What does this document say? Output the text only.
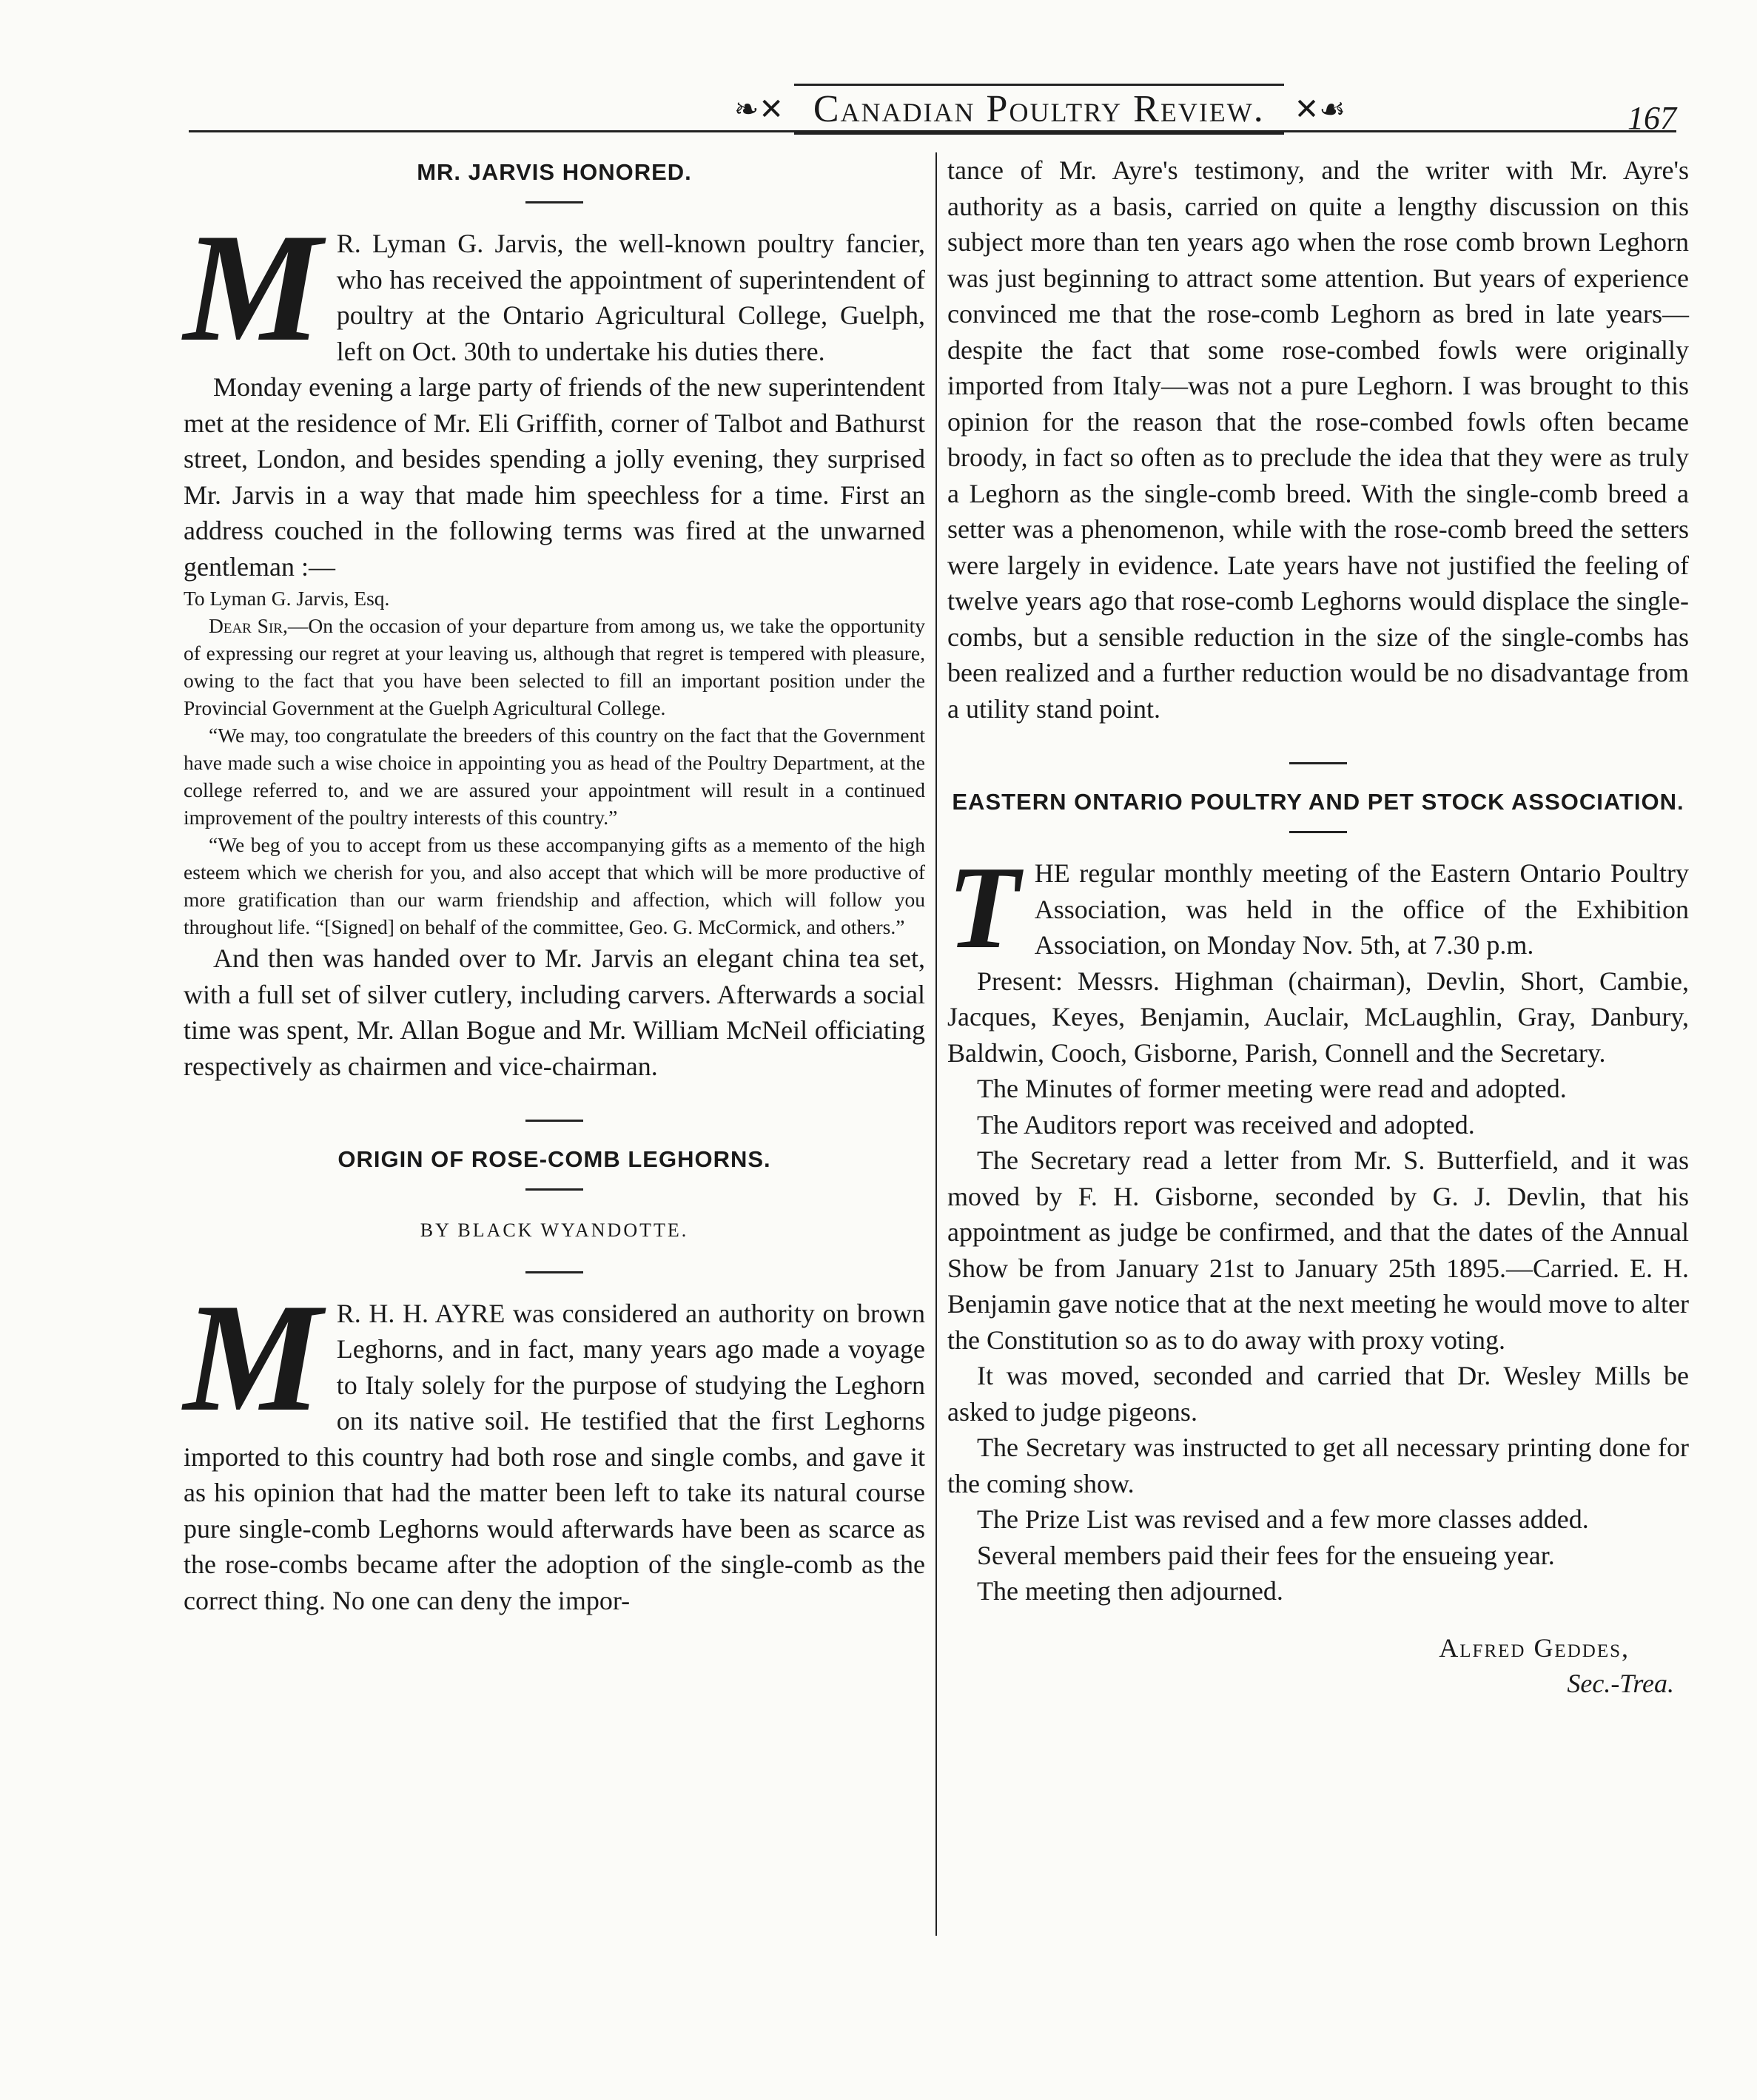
❧✕ Canadian Poultry Review.	✕☙	167
MR. JARVIS HONORED.

M R. Lyman G. Jarvis, the well-known poultry fancier, who has received the appointment of superintendent of poultry at the Ontario Agricultural College, Guelph, left on Oct. 30th to undertake his duties there.

Monday evening a large party of friends of the new superintendent met at the residence of Mr. Eli Griffith, corner of Talbot and Bathurst street, London, and besides spending a jolly evening, they surprised Mr. Jarvis in a way that made him speechless for a time. First an address couched in the following terms was fired at the unwarned gentleman :—

To Lyman G. Jarvis, Esq.

Dear Sir,—On the occasion of your departure from among us, we take the opportunity of expressing our regret at your leaving us, although that regret is tempered with pleasure, owing to the fact that you have been selected to fill an important position under the Provincial Government at the Guelph Agricultural College.

“We may, too congratulate the breeders of this country on the fact that the Government have made such a wise choice in appointing you as head of the Poultry Department, at the college referred to, and we are assured your appointment will result in a continued improvement of the poultry interests of this country.”

“We beg of you to accept from us these accompanying gifts as a memento of the high esteem which we cherish for you, and also accept that which will be more productive of more gratification than our warm friendship and affection, which will follow you throughout life. “[Signed] on behalf of the committee, Geo. G. McCormick, and others.”

And then was handed over to Mr. Jarvis an elegant china tea set, with a full set of silver cutlery, including carvers. Afterwards a social time was spent, Mr. Allan Bogue and Mr. William McNeil officiating respectively as chairmen and vice-chairman.

ORIGIN OF ROSE-COMB LEGHORNS.
BY BLACK WYANDOTTE.

M R. H. H. AYRE was considered an authority on brown Leghorns, and in fact, many years ago made a voyage to Italy solely for the purpose of studying the Leghorn on its native soil. He testified that the first Leghorns imported to this country had both rose and single combs, and gave it as his opinion that had the matter been left to take its natural course pure single-comb Leghorns would afterwards have been as scarce as the rose-combs became after the adoption of the single-comb as the correct thing. No one can deny the impor-

tance of Mr. Ayre's testimony, and the writer with Mr. Ayre's authority as a basis, carried on quite a lengthy discussion on this subject more than ten years ago when the rose comb brown Leghorn was just beginning to attract some attention. But years of experience convinced me that the rose-comb Leghorn as bred in late years—despite the fact that some rose-combed fowls were originally imported from Italy—was not a pure Leghorn. I was brought to this opinion for the reason that the rose-combed fowls often became broody, in fact so often as to preclude the idea that they were as truly a Leghorn as the single-comb breed. With the single-comb breed a setter was a phenomenon, while with the rose-comb breed the setters were largely in evidence. Late years have not justified the feeling of twelve years ago that rose-comb Leghorns would displace the single-combs, but a sensible reduction in the size of the single-combs has been realized and a further reduction would be no disadvantage from a utility stand point.

EASTERN ONTARIO POULTRY AND PET STOCK ASSOCIATION.

T HE regular monthly meeting of the Eastern Ontario Poultry Association, was held in the office of the Exhibition Association, on Monday Nov. 5th, at 7.30 p.m.

Present: Messrs. Highman (chairman), Devlin, Short, Cambie, Jacques, Keyes, Benjamin, Auclair, McLaughlin, Gray, Danbury, Baldwin, Cooch, Gisborne, Parish, Connell and the Secretary.

The Minutes of former meeting were read and adopted.

The Auditors report was received and adopted.

The Secretary read a letter from Mr. S. Butterfield, and it was moved by F. H. Gisborne, seconded by G. J. Devlin, that his appointment as judge be confirmed, and that the dates of the Annual Show be from January 21st to January 25th 1895.—Carried. E. H. Benjamin gave notice that at the next meeting he would move to alter the Constitution so as to do away with proxy voting.

It was moved, seconded and carried that Dr. Wesley Mills be asked to judge pigeons.

The Secretary was instructed to get all necessary printing done for the coming show.

The Prize List was revised and a few more classes added.

Several members paid their fees for the ensueing year.

The meeting then adjourned.

Alfred Geddes,

Sec.-Trea.
